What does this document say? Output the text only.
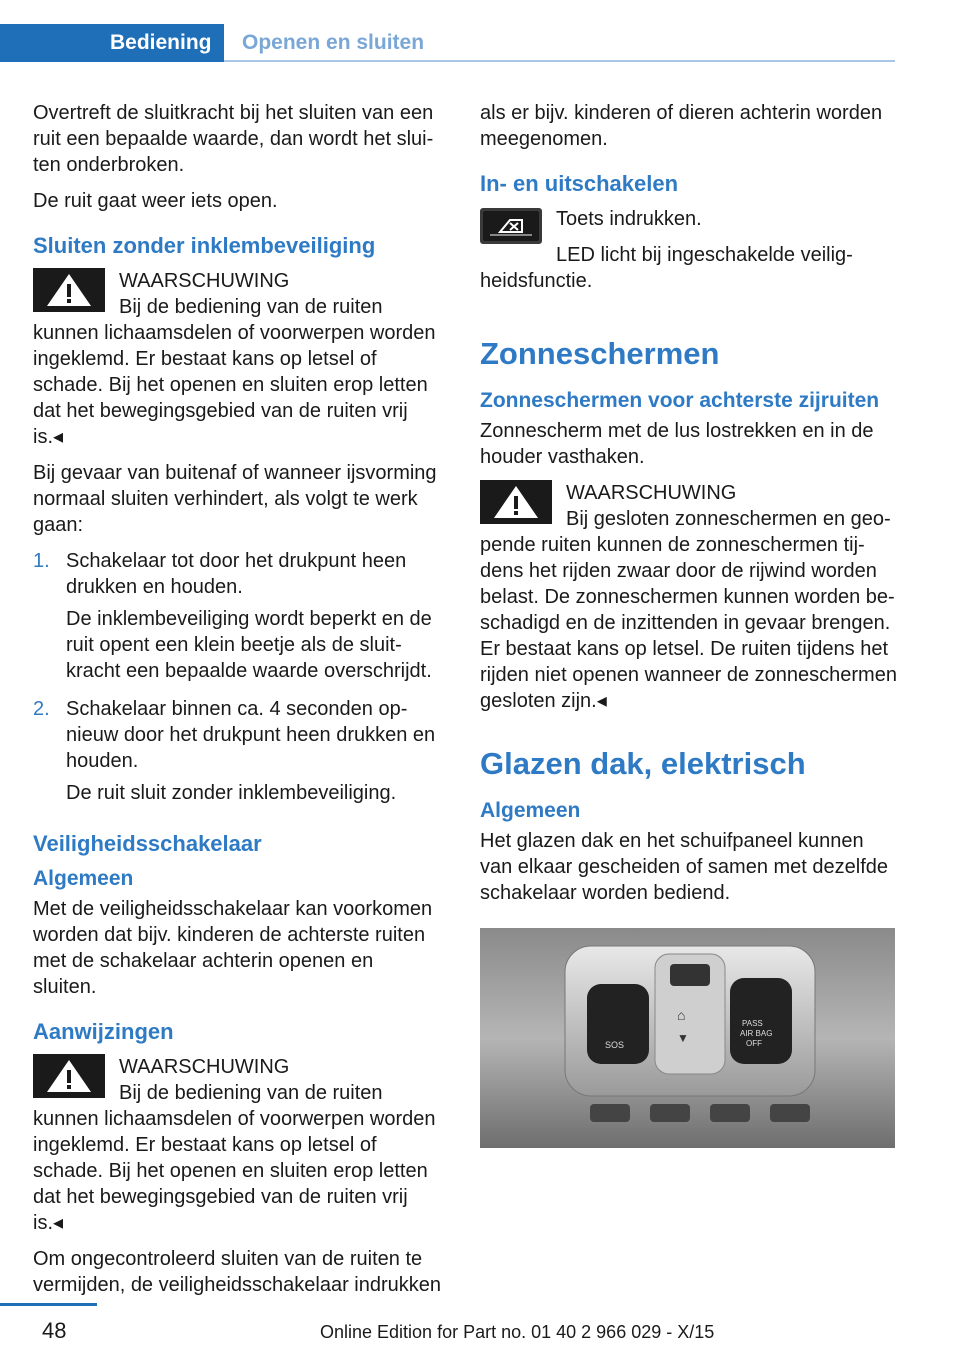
Bediening	Openen en sluiten

Overtreft de sluitkracht bij het sluiten van een ruit een bepaalde waarde, dan wordt het sluiten onderbroken.

De ruit gaat weer iets open.

Sluiten zonder inklembeveiliging
WAARSCHUWING
Bij de bediening van de ruiten kunnen lichaamsdelen of voorwerpen worden ingeklemd. Er bestaat kans op letsel of schade. Bij het openen en sluiten erop letten dat het bewegingsgebied van de ruiten vrij is.◂

Bij gevaar van buitenaf of wanneer ijsvorming normaal sluiten verhindert, als volgt te werk gaan:

1. Schakelaar tot door het drukpunt heen drukken en houden.

De inklembeveiliging wordt beperkt en de ruit opent een klein beetje als de sluitkracht een bepaalde waarde overschrijdt.

2. Schakelaar binnen ca. 4 seconden opnieuw door het drukpunt heen drukken en houden.

De ruit sluit zonder inklembeveiliging.

Veiligheidsschakelaar
Algemeen

Met de veiligheidsschakelaar kan voorkomen worden dat bijv. kinderen de achterste ruiten met de schakelaar achterin openen en sluiten.

Aanwijzingen
WAARSCHUWING
Bij de bediening van de ruiten kunnen lichaamsdelen of voorwerpen worden ingeklemd. Er bestaat kans op letsel of schade. Bij het openen en sluiten erop letten dat het bewegingsgebied van de ruiten vrij is.◂

Om ongecontroleerd sluiten van de ruiten te vermijden, de veiligheidsschakelaar indrukken

als er bijv. kinderen of dieren achterin worden meegenomen.

In- en uitschakelen

Toets indrukken.

LED licht bij ingeschakelde veiligheidsfunctie.

Zonneschermen
Zonneschermen voor achterste zijruiten

Zonnescherm met de lus lostrekken en in de houder vasthaken.

WAARSCHUWING
Bij gesloten zonneschermen en geopende ruiten kunnen de zonneschermen tijdens het rijden zwaar door de rijwind worden belast. De zonneschermen kunnen worden beschadigd en de inzittenden in gevaar brengen. Er bestaat kans op letsel. De ruiten tijdens het rijden niet openen wanneer de zonneschermen gesloten zijn.◂
Glazen dak, elektrisch
Algemeen

Het glazen dak en het schuifpaneel kunnen van elkaar gescheiden of samen met dezelfde schakelaar worden bediend.

SOS
⌂
▼
PASS
AIR BAG
OFF
48	Online Edition for Part no. 01 40 2 966 029 - X/15
